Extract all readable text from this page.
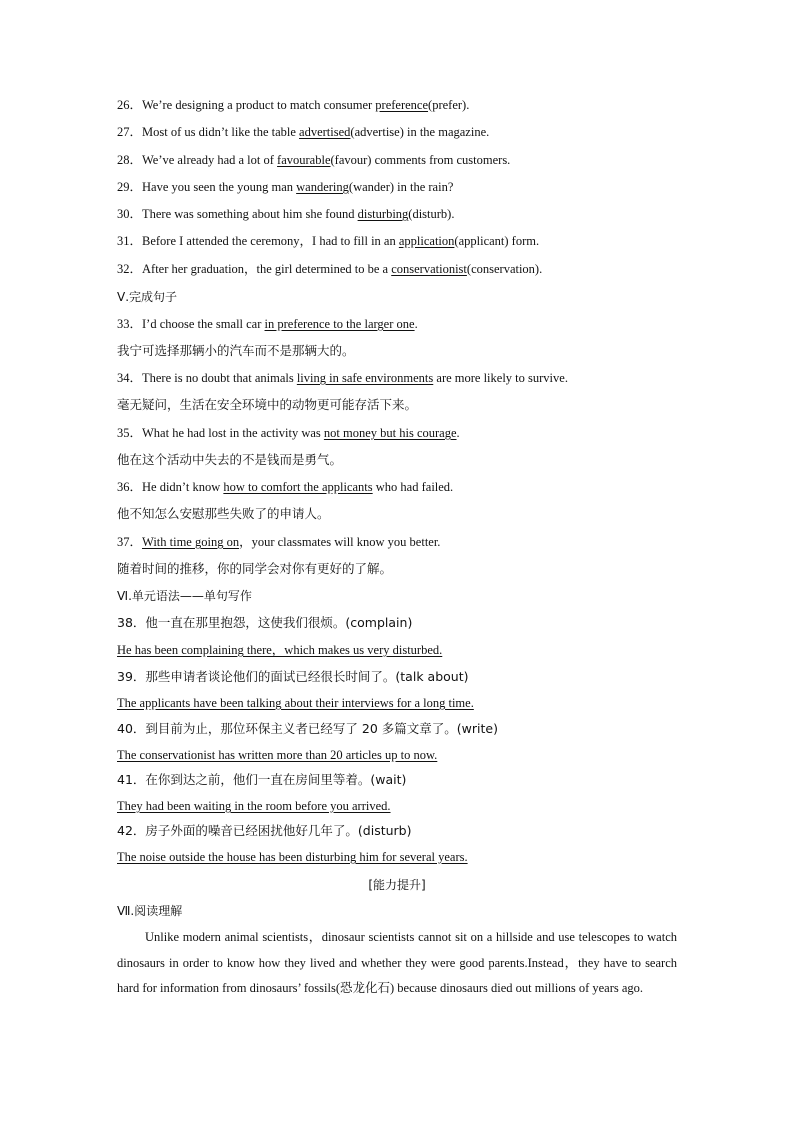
26．We’re designing a product to match consumer preference(prefer).
27．Most of us didn’t like the table advertised(advertise) in the magazine.
28．We’ve already had a lot of favourable(favour) comments from customers.
29．Have you seen the young man wandering(wander) in the rain?
30．There was something about him she found disturbing(disturb).
31．Before I attended the ceremony，I had to fill in an application(applicant) form.
32．After her graduation，the girl determined to be a conservationist(conservation).
Ⅴ.完成句子
33．I’d choose the small car in preference to the larger one.
我宁可选择那辆小的汽车而不是那辆大的。
34．There is no doubt that animals living in safe environments are more likely to survive.
毫无疑问，生活在安全环境中的动物更可能存活下来。
35．What he had lost in the activity was not money but his courage.
他在这个活动中失去的不是钱而是勇气。
36．He didn’t know how to comfort the applicants who had failed.
他不知怎么安慰那些失败了的申请人。
37．With time going on，your classmates will know you better.
随着时间的推移，你的同学会对你有更好的了解。
Ⅵ.单元语法——单句写作
38．他一直在那里抱怨，这使我们很烦。(complain)
He has been complaining there，which makes us very disturbed.
39．那些申请者谈论他们的面试已经很长时间了。(talk about)
The applicants have been talking about their interviews for a long time.
40．到目前为止，那位环保主义者已经写了 20 多篇文章了。(write)
The conservationist has written more than 20 articles up to now.
41．在你到达之前，他们一直在房间里等着。(wait)
They had been waiting in the room before you arrived.
42．房子外面的噪音已经困扰他好几年了。(disturb)
The noise outside the house has been disturbing him for several years.
[能力提升]
Ⅶ.阅读理解
Unlike modern animal scientists，dinosaur scientists cannot sit on a hillside and use telescopes to watch dinosaurs in order to know how they lived and whether they were good parents.Instead，they have to search hard for information from dinosaurs’ fossils(恐龙化石) because dinosaurs died out millions of years ago.
